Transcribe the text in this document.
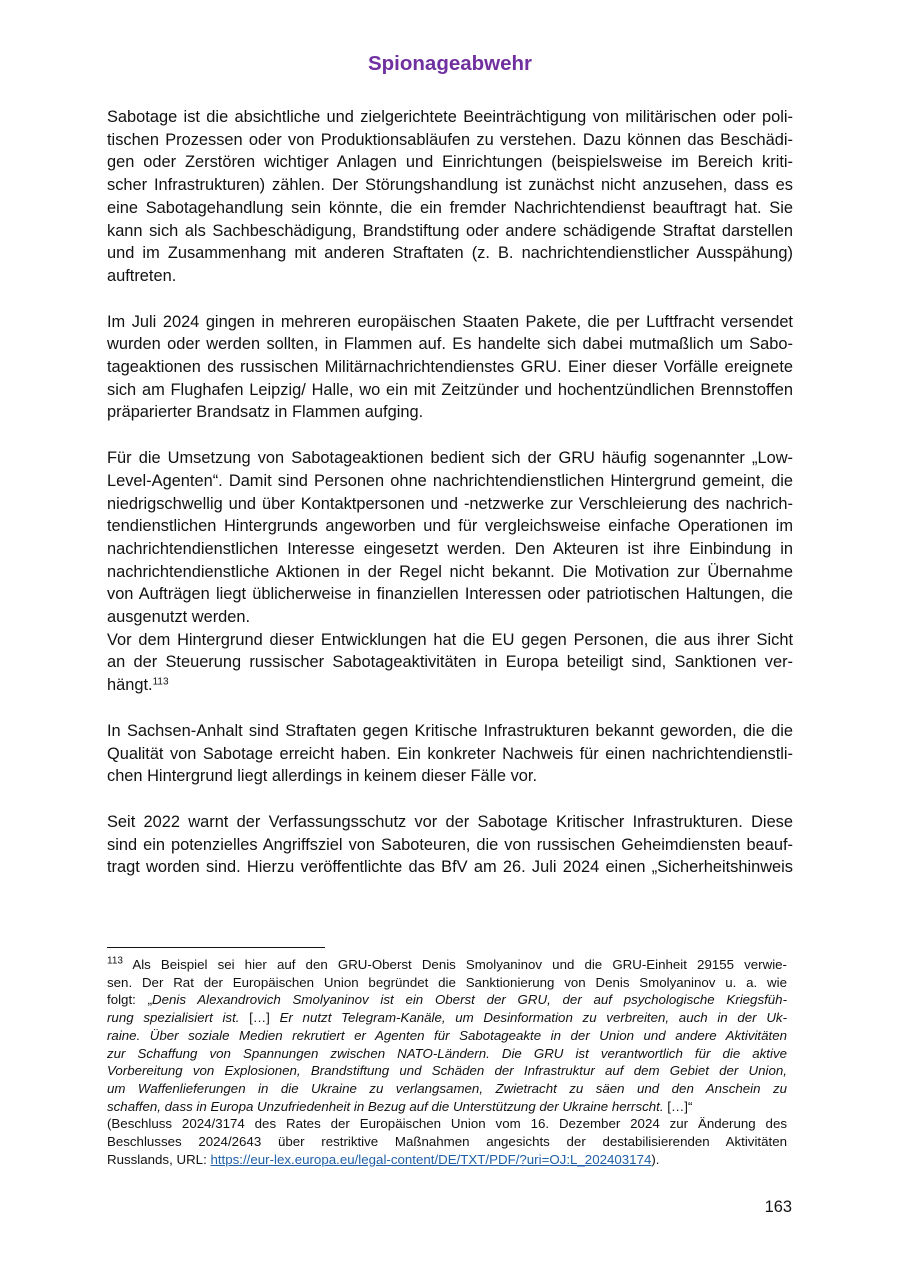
Spionageabwehr

Sabotage ist die absichtliche und zielgerichtete Beeinträchtigung von militärischen oder poli-
tischen Prozessen oder von Produktionsabläufen zu verstehen. Dazu können das Beschädi-
gen oder Zerstören wichtiger Anlagen und Einrichtungen (beispielsweise im Bereich kriti-
scher Infrastrukturen) zählen. Der Störungshandlung ist zunächst nicht anzusehen, dass es
eine Sabotagehandlung sein könnte, die ein fremder Nachrichtendienst beauftragt hat. Sie
kann sich als Sachbeschädigung, Brandstiftung oder andere schädigende Straftat darstellen
und im Zusammenhang mit anderen Straftaten (z. B. nachrichtendienstlicher Ausspähung)
auftreten.

Im Juli 2024 gingen in mehreren europäischen Staaten Pakete, die per Luftfracht versendet
wurden oder werden sollten, in Flammen auf. Es handelte sich dabei mutmaßlich um Sabo-
tageaktionen des russischen Militärnachrichtendienstes GRU. Einer dieser Vorfälle ereignete
sich am Flughafen Leipzig/ Halle, wo ein mit Zeitzünder und hochentzündlichen Brennstoffen
präparierter Brandsatz in Flammen aufging.

Für die Umsetzung von Sabotageaktionen bedient sich der GRU häufig sogenannter „Low-
Level-Agenten“. Damit sind Personen ohne nachrichtendienstlichen Hintergrund gemeint, die
niedrigschwellig und über Kontaktpersonen und -netzwerke zur Verschleierung des nachrich-
tendienstlichen Hintergrunds angeworben und für vergleichsweise einfache Operationen im
nachrichtendienstlichen Interesse eingesetzt werden. Den Akteuren ist ihre Einbindung in
nachrichtendienstliche Aktionen in der Regel nicht bekannt. Die Motivation zur Übernahme
von Aufträgen liegt üblicherweise in finanziellen Interessen oder patriotischen Haltungen, die
ausgenutzt werden.

Vor dem Hintergrund dieser Entwicklungen hat die EU gegen Personen, die aus ihrer Sicht
an der Steuerung russischer Sabotageaktivitäten in Europa beteiligt sind, Sanktionen ver-
hängt.$^{113}$

In Sachsen-Anhalt sind Straftaten gegen Kritische Infrastrukturen bekannt geworden, die die
Qualität von Sabotage erreicht haben. Ein konkreter Nachweis für einen nachrichtendienstli-
chen Hintergrund liegt allerdings in keinem dieser Fälle vor.

Seit 2022 warnt der Verfassungsschutz vor der Sabotage Kritischer Infrastrukturen. Diese
sind ein potenzielles Angriffsziel von Saboteuren, die von russischen Geheimdiensten beauf-
tragt worden sind. Hierzu veröffentlichte das BfV am 26. Juli 2024 einen „Sicherheitshinweis

$^{113}$ Als Beispiel sei hier auf den GRU-Oberst Denis Smolyaninov und die GRU-Einheit 29155 verwie-
sen. Der Rat der Europäischen Union begründet die Sanktionierung von Denis Smolyaninov u. a. wie
folgt: „Denis Alexandrovich Smolyaninov ist ein Oberst der GRU, der auf psychologische Kriegsfüh-
rung spezialisiert ist. […] Er nutzt Telegram-Kanäle, um Desinformation zu verbreiten, auch in der Uk-
raine. Über soziale Medien rekrutiert er Agenten für Sabotageakte in der Union und andere Aktivitäten
zur Schaffung von Spannungen zwischen NATO-Ländern. Die GRU ist verantwortlich für die aktive
Vorbereitung von Explosionen, Brandstiftung und Schäden der Infrastruktur auf dem Gebiet der Union,
um Waffenlieferungen in die Ukraine zu verlangsamen, Zwietracht zu säen und den Anschein zu
schaffen, dass in Europa Unzufriedenheit in Bezug auf die Unterstützung der Ukraine herrscht. […]“
(Beschluss 2024/3174 des Rates der Europäischen Union vom 16. Dezember 2024 zur Änderung des
Beschlusses 2024/2643 über restriktive Maßnahmen angesichts der destabilisierenden Aktivitäten
Russlands, URL: https://eur-lex.europa.eu/legal-content/DE/TXT/PDF/?uri=OJ:L_202403174).

163
